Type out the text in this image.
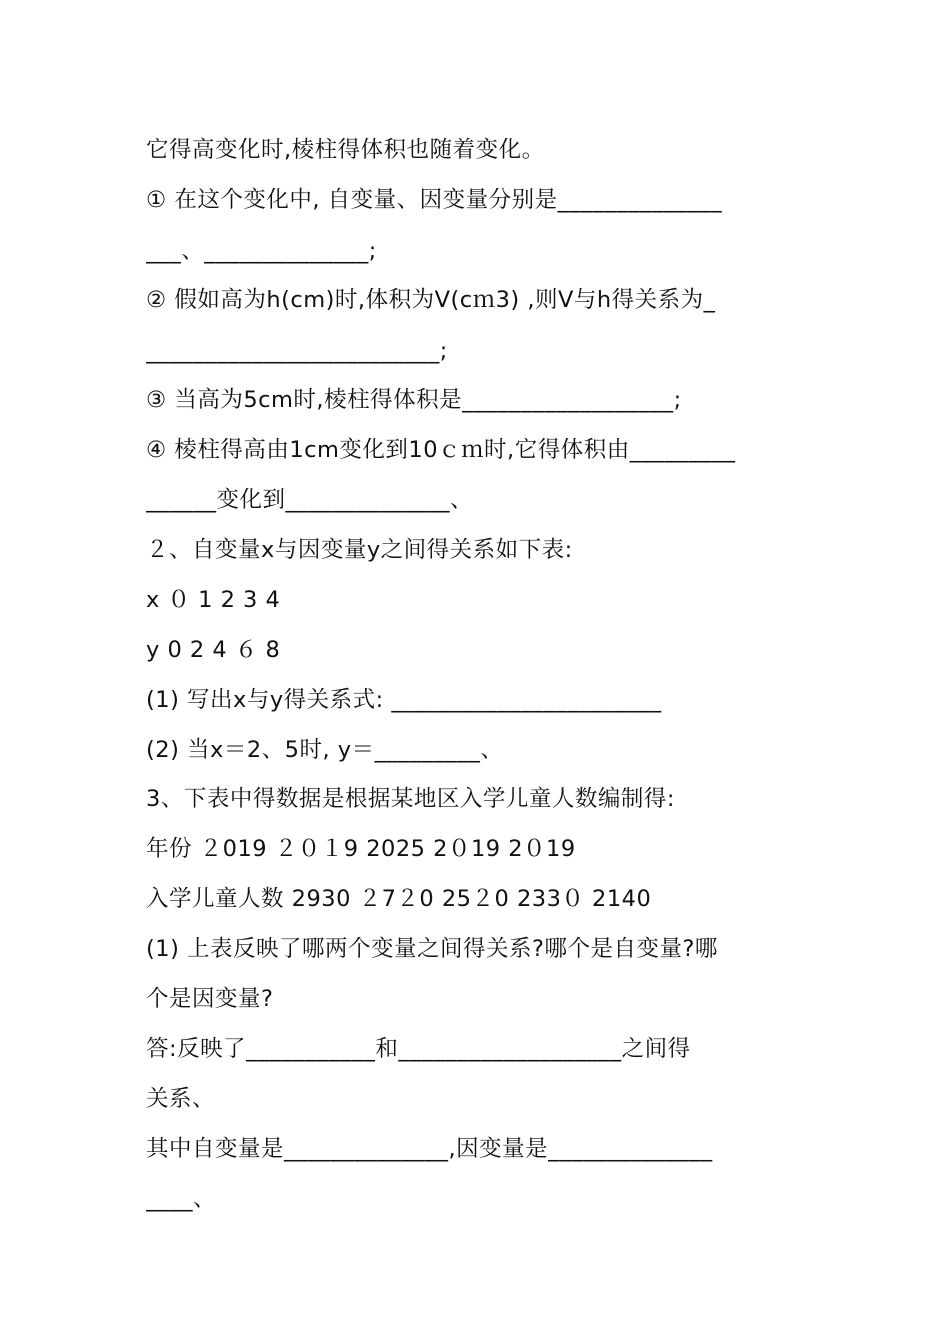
它得高变化时,棱柱得体积也随着变化。
① 在这个变化中, 自变量、因变量分别是______________
___、______________;
② 假如高为h(cm)时,体积为V(cｍ3) ,则V与h得关系为_
_________________________;
③ 当高为5cm时,棱柱得体积是__________________;
④ 棱柱得高由1cm变化到10ｃｍ时,它得体积由_________
______变化到______________、
２、自变量x与因变量y之间得关系如下表:
x ０ 1 2 3 4
y 0 2 4 ６ 8
(1) 写出x与y得关系式: _______________________
(2) 当x＝2、5时, y＝_________、
3、下表中得数据是根据某地区入学儿童人数编制得:
年份 ２019 ２０１9 2025 2０19 2０19
入学儿童人数 2930 ２7２0 25２0 233０ 2140
(1) 上表反映了哪两个变量之间得关系?哪个是自变量?哪
个是因变量?
答:反映了___________和___________________之间得
关系、
其中自变量是______________,因变量是______________
____、
